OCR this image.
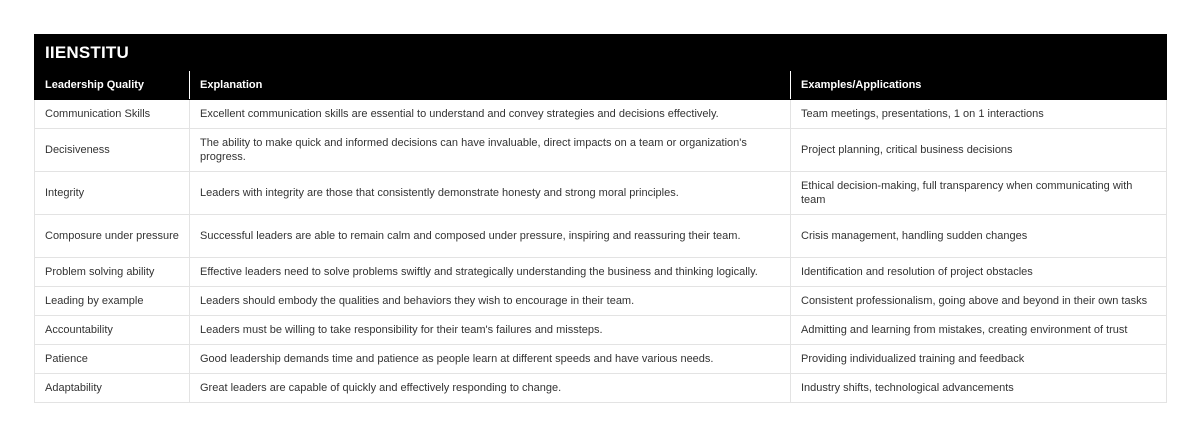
IIENSTITU		
Leadership Quality	Explanation	Examples/Applications
Communication Skills	Excellent communication skills are essential to understand and convey strategies and decisions effectively.	Team meetings, presentations, 1 on 1 interactions
Decisiveness	The ability to make quick and informed decisions can have invaluable, direct impacts on a team or organization's progress.	Project planning, critical business decisions
Integrity	Leaders with integrity are those that consistently demonstrate honesty and strong moral principles.	Ethical decision-making, full transparency when communicating with team
Composure under pressure	Successful leaders are able to remain calm and composed under pressure, inspiring and reassuring their team.	Crisis management, handling sudden changes
Problem solving ability	Effective leaders need to solve problems swiftly and strategically understanding the business and thinking logically.	Identification and resolution of project obstacles
Leading by example	Leaders should embody the qualities and behaviors they wish to encourage in their team.	Consistent professionalism, going above and beyond in their own tasks
Accountability	Leaders must be willing to take responsibility for their team's failures and missteps.	Admitting and learning from mistakes, creating environment of trust
Patience	Good leadership demands time and patience as people learn at different speeds and have various needs.	Providing individualized training and feedback
Adaptability	Great leaders are capable of quickly and effectively responding to change.	Industry shifts, technological advancements
